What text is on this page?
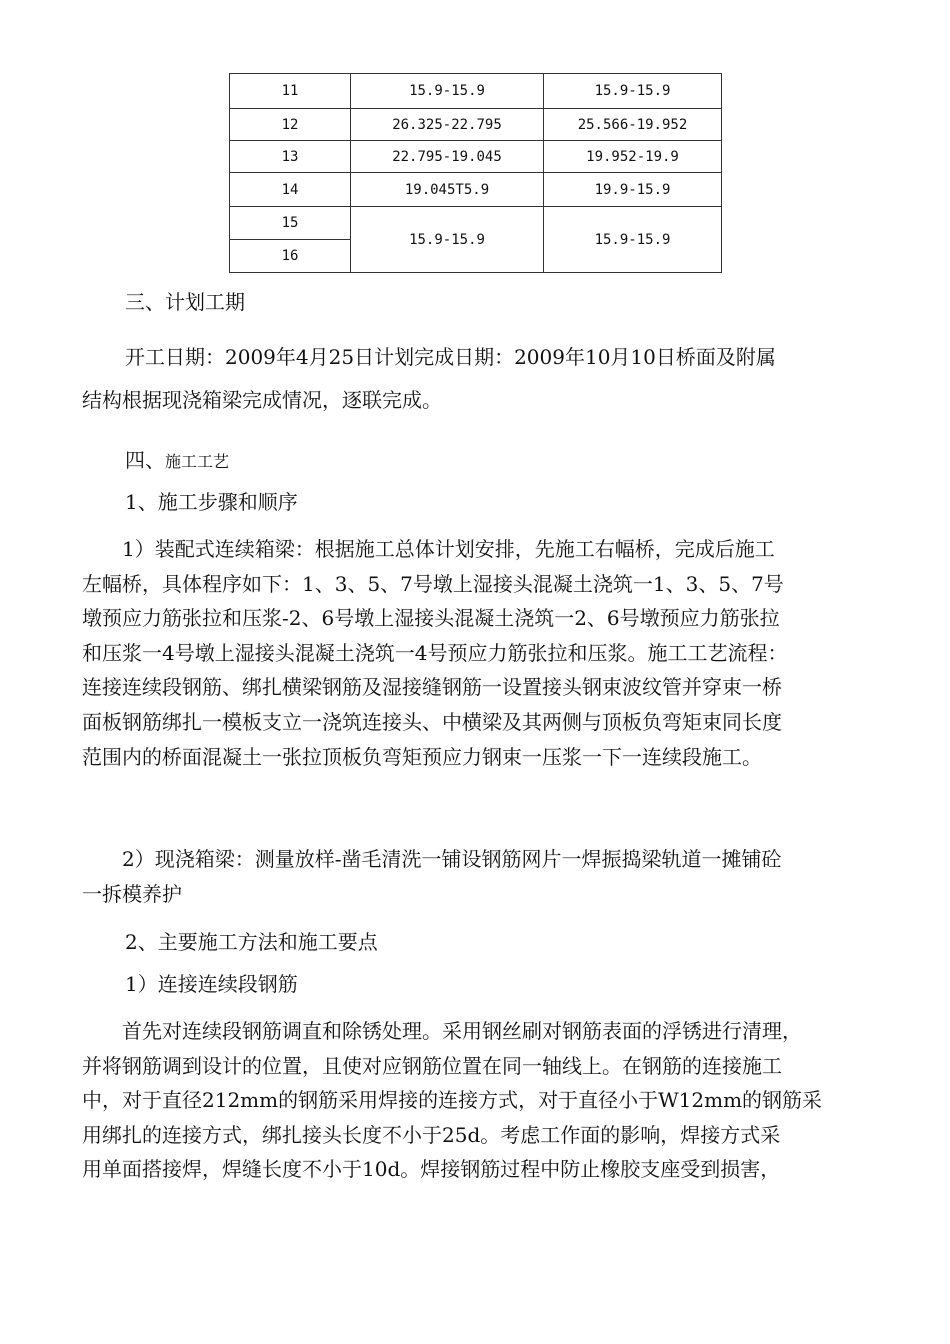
11	15.9-15.9	15.9-15.9
12	26.325-22.795	25.566-19.952
13	22.795-19.045	19.952-19.9
14	19.045T5.9	19.9-15.9
15	15.9-15.9	15.9-15.9
16		
三、计划工期
开工日期：2009年4月25日计划完成日期：2009年10月10日桥面及附属
结构根据现浇箱梁完成情况，逐联完成。
四、施工工艺
1、施工步骤和顺序
1）装配式连续箱梁：根据施工总体计划安排，先施工右幅桥，完成后施工
左幅桥，具体程序如下：1、3、5、7号墩上湿接头混凝土浇筑一1、3、5、7号
墩预应力筋张拉和压浆-2、6号墩上湿接头混凝土浇筑一2、6号墩预应力筋张拉
和压浆一4号墩上湿接头混凝土浇筑一4号预应力筋张拉和压浆。施工工艺流程：
连接连续段钢筋、绑扎横梁钢筋及湿接缝钢筋一设置接头钢束波纹管并穿束一桥
面板钢筋绑扎一模板支立一浇筑连接头、中横梁及其两侧与顶板负弯矩束同长度
范围内的桥面混凝土一张拉顶板负弯矩预应力钢束一压浆一下一连续段施工。
2）现浇箱梁：测量放样-凿毛清洗一铺设钢筋网片一焊振捣梁轨道一摊铺砼
一拆模养护
2、主要施工方法和施工要点
1）连接连续段钢筋
首先对连续段钢筋调直和除锈处理。采用钢丝刷对钢筋表面的浮锈进行清理，
并将钢筋调到设计的位置，且使对应钢筋位置在同一轴线上。在钢筋的连接施工
中，对于直径212mm的钢筋采用焊接的连接方式，对于直径小于W12mm的钢筋采
用绑扎的连接方式，绑扎接头长度不小于25d。考虑工作面的影响，焊接方式采
用单面搭接焊，焊缝长度不小于10d。焊接钢筋过程中防止橡胶支座受到损害，
